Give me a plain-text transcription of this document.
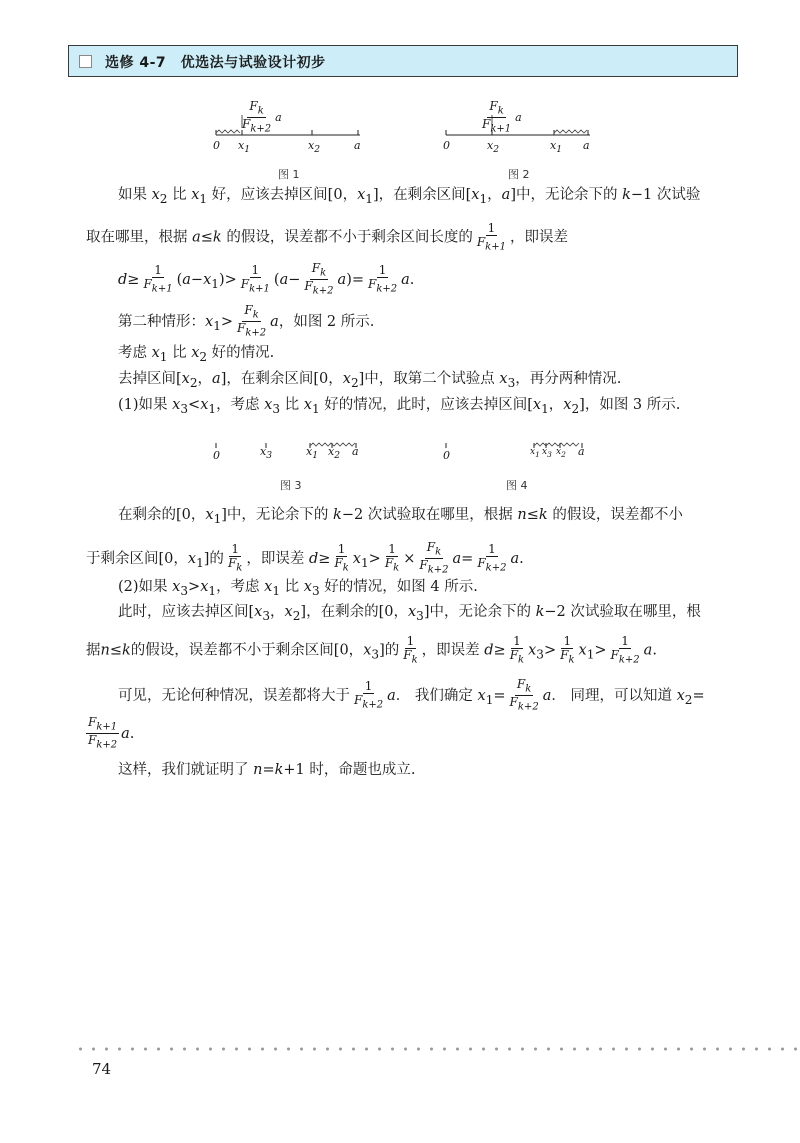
选修 4-7　优选法与试验设计初步
$\frac{F_k}{F_{k+2}}$ a
0 $x_1$	$x_2$	a
图 1
$\frac{F_k}{F_{k+1}}$ a
0	$x_2$	$x_1$ a
图 2
如果 $x_2$ 比 $x_1$ 好，应该去掉区间[0，$x_1$]，在剩余区间[$x_1$，a]中，无论余下的 k−1 次试验
取在哪里，根据 a≤k 的假设，误差都不小于剩余区间长度的 $\frac{1}{F_{k+1}}$ ，即误差
$d\ge \frac{1}{F_{k+1}} (a-x_1)> \frac{1}{F_{k+1}} (a- \frac{F_k}{F_{k+2}} a)= \frac{1}{F_{k+2}} a$.
第二种情形：$x_1> \frac{F_k}{F_{k+2}}$ a，如图 2 所示.
考虑 $x_1$ 比 $x_2$ 好的情况.
去掉区间[$x_2$，a]，在剩余区间[0，$x_2$]中，取第二个试验点 $x_3$，再分两种情况.
(1)如果 $x_3<x_1$，考虑 $x_3$ 比 $x_1$ 好的情况，此时，应该去掉区间[$x_1$，$x_2$]，如图 3 所示.
0	$x_3$	$x_1$ $x_2$ a
图 3
0	$x_1$ $x_3$ $x_2$ a
图 4
在剩余的[0，$x_1$]中，无论余下的 k−2 次试验取在哪里，根据 n≤k 的假设，误差都不小
于剩余区间[0，$x_1$]的 $\frac{1}{F_k}$ ，即误差 $d\ge \frac{1}{F_k} x_1> \frac{1}{F_k} \times \frac{F_k}{F_{k+2}} a= \frac{1}{F_{k+2}} a$.
(2)如果 $x_3>x_1$，考虑 $x_1$ 比 $x_3$ 好的情况，如图 4 所示.
此时，应该去掉区间[$x_3$，$x_2$]，在剩余的[0，$x_3$]中，无论余下的 k−2 次试验取在哪里，根
据n≤k的假设，误差都不小于剩余区间[0，$x_3$]的 $\frac{1}{F_k}$ ，即误差 $d\ge \frac{1}{F_k} x_3> \frac{1}{F_k} x_1> \frac{1}{F_{k+2}} a$.
可见，无论何种情况，误差都将大于 $\frac{1}{F_{k+2}}$ a． 我们确定 $x_1= \frac{F_k}{F_{k+2}}$ a． 同理，可以知道 $x_2=$
$\frac{F_{k+1}}{F_{k+2}} a$.
这样，我们就证明了 n=k+1 时，命题也成立.
74
